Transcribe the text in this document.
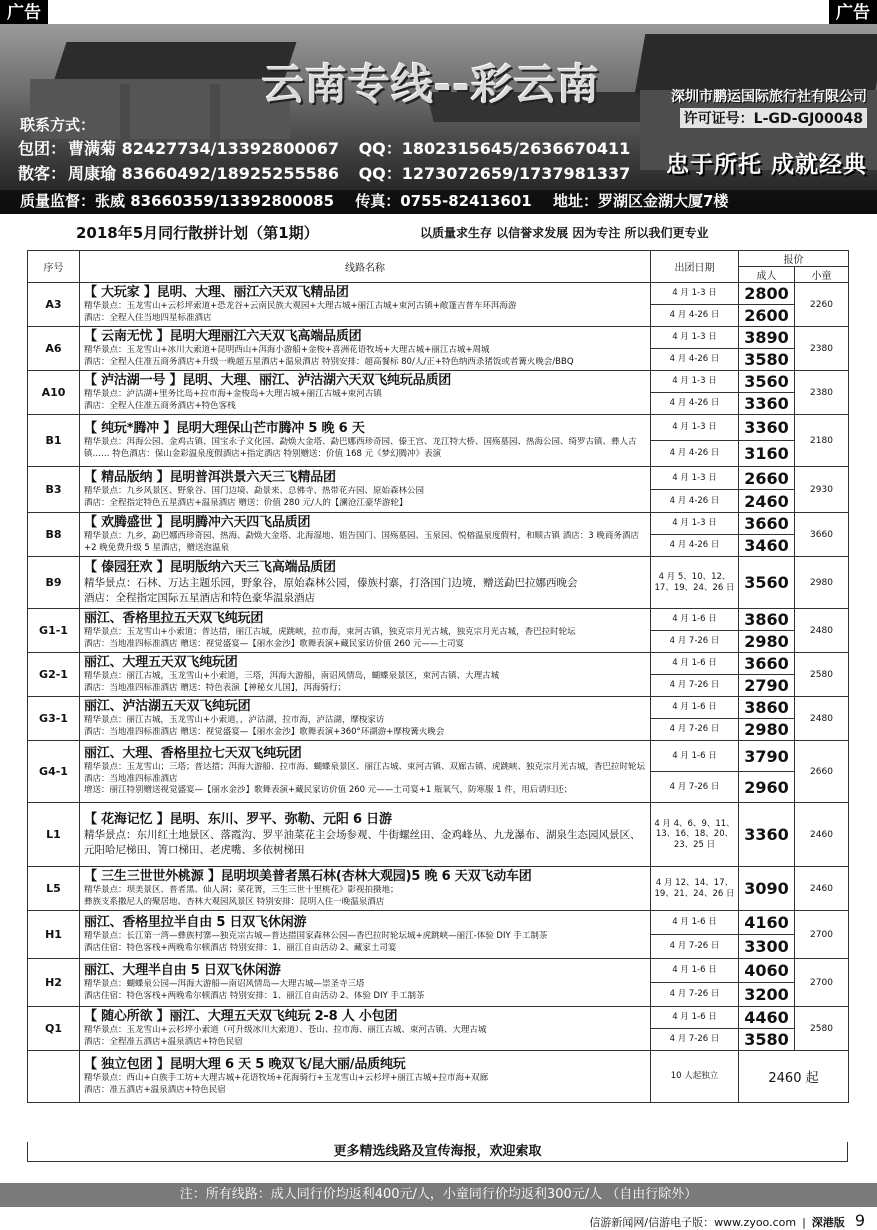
广告	广告
云南专线--彩云南	深圳市鹏运国际旅行社有限公司
许可证号：L-GD-GJ00048
联系方式：
包团： 曹满菊 82427734/13392800067 QQ：1802315645/2636670411
散客： 周康瑜 83660492/18925255586 QQ：1273072659/1737981337 忠于所托 成就经典
质量监督：张威 83660359/13392800085 传真：0755-82413601 地址：罗湖区金湖大厦7楼
2018年5月同行散拼计划（第1期）	以质量求生存 以信誉求发展 因为专注 所以我们更专业
序号	线路名称	出团日期	报价	
			成人	小童
A3	【 大玩家 】昆明、大理、丽江六天双飞精品团
精华景点：玉龙雪山+云杉坪索道+恐龙谷+云南民族大观园+大理古城+丽江古城+束河古镇+敞篷吉普车环洱海游
酒店：全程入住当地四星标准酒店	4 月 1-3 日	2800	2260
		4 月 4-26 日	2600	
A6	【 云南无忧 】昆明大理丽江六天双飞高端品质团
精华景点：玉龙雪山+冰川大索道+昆明西山+洱海小游船+金梭+喜洲花语牧场+大理古城+丽江古城+周城
酒店：全程入住准五商务酒店+升级一晚超五星酒店+温泉酒店 特别安排：超高餐标 80/人/正+特色纳西杀猪饭或者篝火晚会/BBQ	4 月 1-3 日	3890	2380
		4 月 4-26 日	3580	
A10	【 泸沽湖一号 】昆明、大理、丽江、泸沽湖六天双飞纯玩品质团
精华景点：泸沽湖+里务比岛+拉市海+金梭岛+大理古城+丽江古城+束河古镇
酒店：全程入住准五商务酒店+特色客栈	4 月 1-3 日	3560	2380
		4 月 4-26 日	3360	
B1	【 纯玩*腾冲 】昆明大理保山芒市腾冲 5 晚 6 天
精华景点：洱海公园、金鸡古镇、国宝永子文化园、勐焕大金塔、勐巴娜西珍奇园、傣王宫、龙江特大桥、国殇墓园、热海公园、绮罗古镇、彝人古镇…… 特色酒店：保山金彩温泉度假酒店+指定酒店 特别赠送：价值 168 元《梦幻腾冲》表演	4 月 1-3 日	3360	2180
		4 月 4-26 日	3160	
B3	【 精品版纳 】昆明普洱洪景六天三飞精品团
精华景点：九乡风景区、野象谷、国门边境、勐景来、总佛寺、热带花卉园、原始森林公园
酒店：全程指定特色五星酒店+温泉酒店 赠送：价值 280 元/人的【澜沧江豪华游轮】	4 月 1-3 日	2660	2930
		4 月 4-26 日	2460	
B8	【 欢腾盛世 】昆明腾冲六天四飞品质团
精华景点：九乡，勐巴娜西珍奇园、热海、勐焕大金塔、北海湿地、姐告国门、国殇墓园、玉泉园、悦榕温泉度假村，和顺古镇 酒店：3 晚商务酒店+2 晚免费升级 5 星酒店，赠送泡温泉	4 月 1-3 日	3660	3660
		4 月 4-26 日	3460	
B9	【 傣园狂欢 】昆明版纳六天三飞高端品质团
精华景点：石林、万达主题乐园，野象谷，原始森林公园，傣族村寨，打洛国门边境，赠送勐巴拉娜西晚会
酒店：全程指定国际五星酒店和特色豪华温泉酒店	4 月 5、10、12、17、19、24、26 日	3560	2980
G1-1	丽江、香格里拉五天双飞纯玩团
精华景点：玉龙雪山+小索道；普达措，丽江古城，虎跳峡，拉市海，束河古镇，独克宗月光古城，独克宗月光古城，香巴拉时轮坛
酒店：当地准四标准酒店 赠送：视觉盛宴—【丽水金沙】歌舞表演+藏民家访价值 260 元——土司宴	4 月 1-6 日	3860	2480
		4 月 7-26 日	2980	
G2-1	丽江、大理五天双飞纯玩团
精华景点：丽江古城，玉龙雪山+小索道，三塔，洱海大游船，南诏风情岛，蝴蝶泉景区，束河古镇、大理古城
酒店：当地准四标准酒店 赠送：特色表演【神秘女儿国】，洱海骑行；	4 月 1-6 日	3660	2580
		4 月 7-26 日	2790	
G3-1	丽江、泸沽湖五天双飞纯玩团
精华景点：丽江古城，玉龙雪山+小索道，，泸沽湖，拉市海，泸沽湖，摩梭家访
酒店：当地准四标准酒店 赠送：视觉盛宴—【丽水金沙】歌舞表演+360°环湖游+摩梭篝火晚会	4 月 1-6 日	3860	2480
		4 月 7-26 日	2980	
G4-1	丽江、大理、香格里拉七天双飞纯玩团
精华景点：玉龙雪山；三塔；普达措；洱海大游船、拉市海、蝴蝶泉景区、丽江古城、束河古镇、双廊古镇、虎跳峡、独克宗月光古城，香巴拉时轮坛 酒店：当地准四标准酒店
增送：丽江特别赠送视觉盛宴—【丽水金沙】歌舞表演+藏民家访价值 260 元——土司宴+1 瓶氧气，防寒服 1 件，用后请归还；	4 月 1-6 日	3790	2660
		4 月 7-26 日	2960	
L1	【 花海记忆 】昆明、东川、罗平、弥勒、元阳 6 日游
精华景点：东川红土地景区、落霞沟、罗平油菜花主会场参观、牛街螺丝田、金鸡峰丛、九龙瀑布、湖泉生态园风景区、元阳哈尼梯田、箐口梯田、老虎嘴、多依树梯田	4 月 4、6、9、11、13、16、18、20、23、25 日	3360	2460
L5	【 三生三世世外桃源 】昆明坝美普者黑石林(杏林大观园)5 晚 6 天双飞动车团
精华景点：坝美景区、普者黑、仙人洞；菜花箐，三生三世十里桃花》影视拍摄地；
彝族支系撒尼人的聚居地、杏林大观园风景区 特别安排：昆明入住一晚温泉酒店	4 月 12、14、17、19、21、24、26 日	3090	2460
H1	丽江、香格里拉半自由 5 日双飞休闲游
精华景点：长江第一湾—彝族村寨—独克宗古城—普达措国家森林公园—香巴拉时轮坛城+虎跳峡—丽江-体验 DIY 手工制茶
酒店住宿：特色客栈+两晚希尔顿酒店 特别安排：1、丽江自由活动 2、藏家土司宴	4 月 1-6 日	4160	2700
		4 月 7-26 日	3300	
H2	丽江、大理半自由 5 日双飞休闲游
精华景点：蝴蝶泉公园—洱海大游船—南诏风情岛—大理古城—崇圣寺三塔
酒店住宿：特色客栈+两晚希尔顿酒店 特别安排：1、丽江自由活动 2、体验 DIY 手工制茶	4 月 1-6 日	4060	2700
		4 月 7-26 日	3200	
Q1	【 随心所欲 】丽江、大理五天双飞纯玩 2-8 人 小包团
精华景点：玉龙雪山+云杉坪小索道（可升级冰川大索道）、苍山、拉市海、丽江古城、束河古镇、大理古城
酒店：全程准五酒店+温泉酒店+特色民宿	4 月 1-6 日	4460	2580
		4 月 7-26 日	3580	

	【 独立包团 】昆明大理 6 天 5 晚双飞/昆大丽/品质纯玩
精华景点：西山+白族手工坊+大理古城+花语牧场+花海骑行+玉龙雪山+云杉坪+丽江古城+拉市海+双廊
酒店：准五酒店+温泉酒店+特色民宿	10 人起独立	2460 起	
更多精选线路及宣传海报，欢迎索取
注：所有线路：成人同行价均返利400元/人，小童同行价均返利300元/人 （自由行除外）
信游新闻网/信游电子版：www.zyoo.com | 深港版 9
